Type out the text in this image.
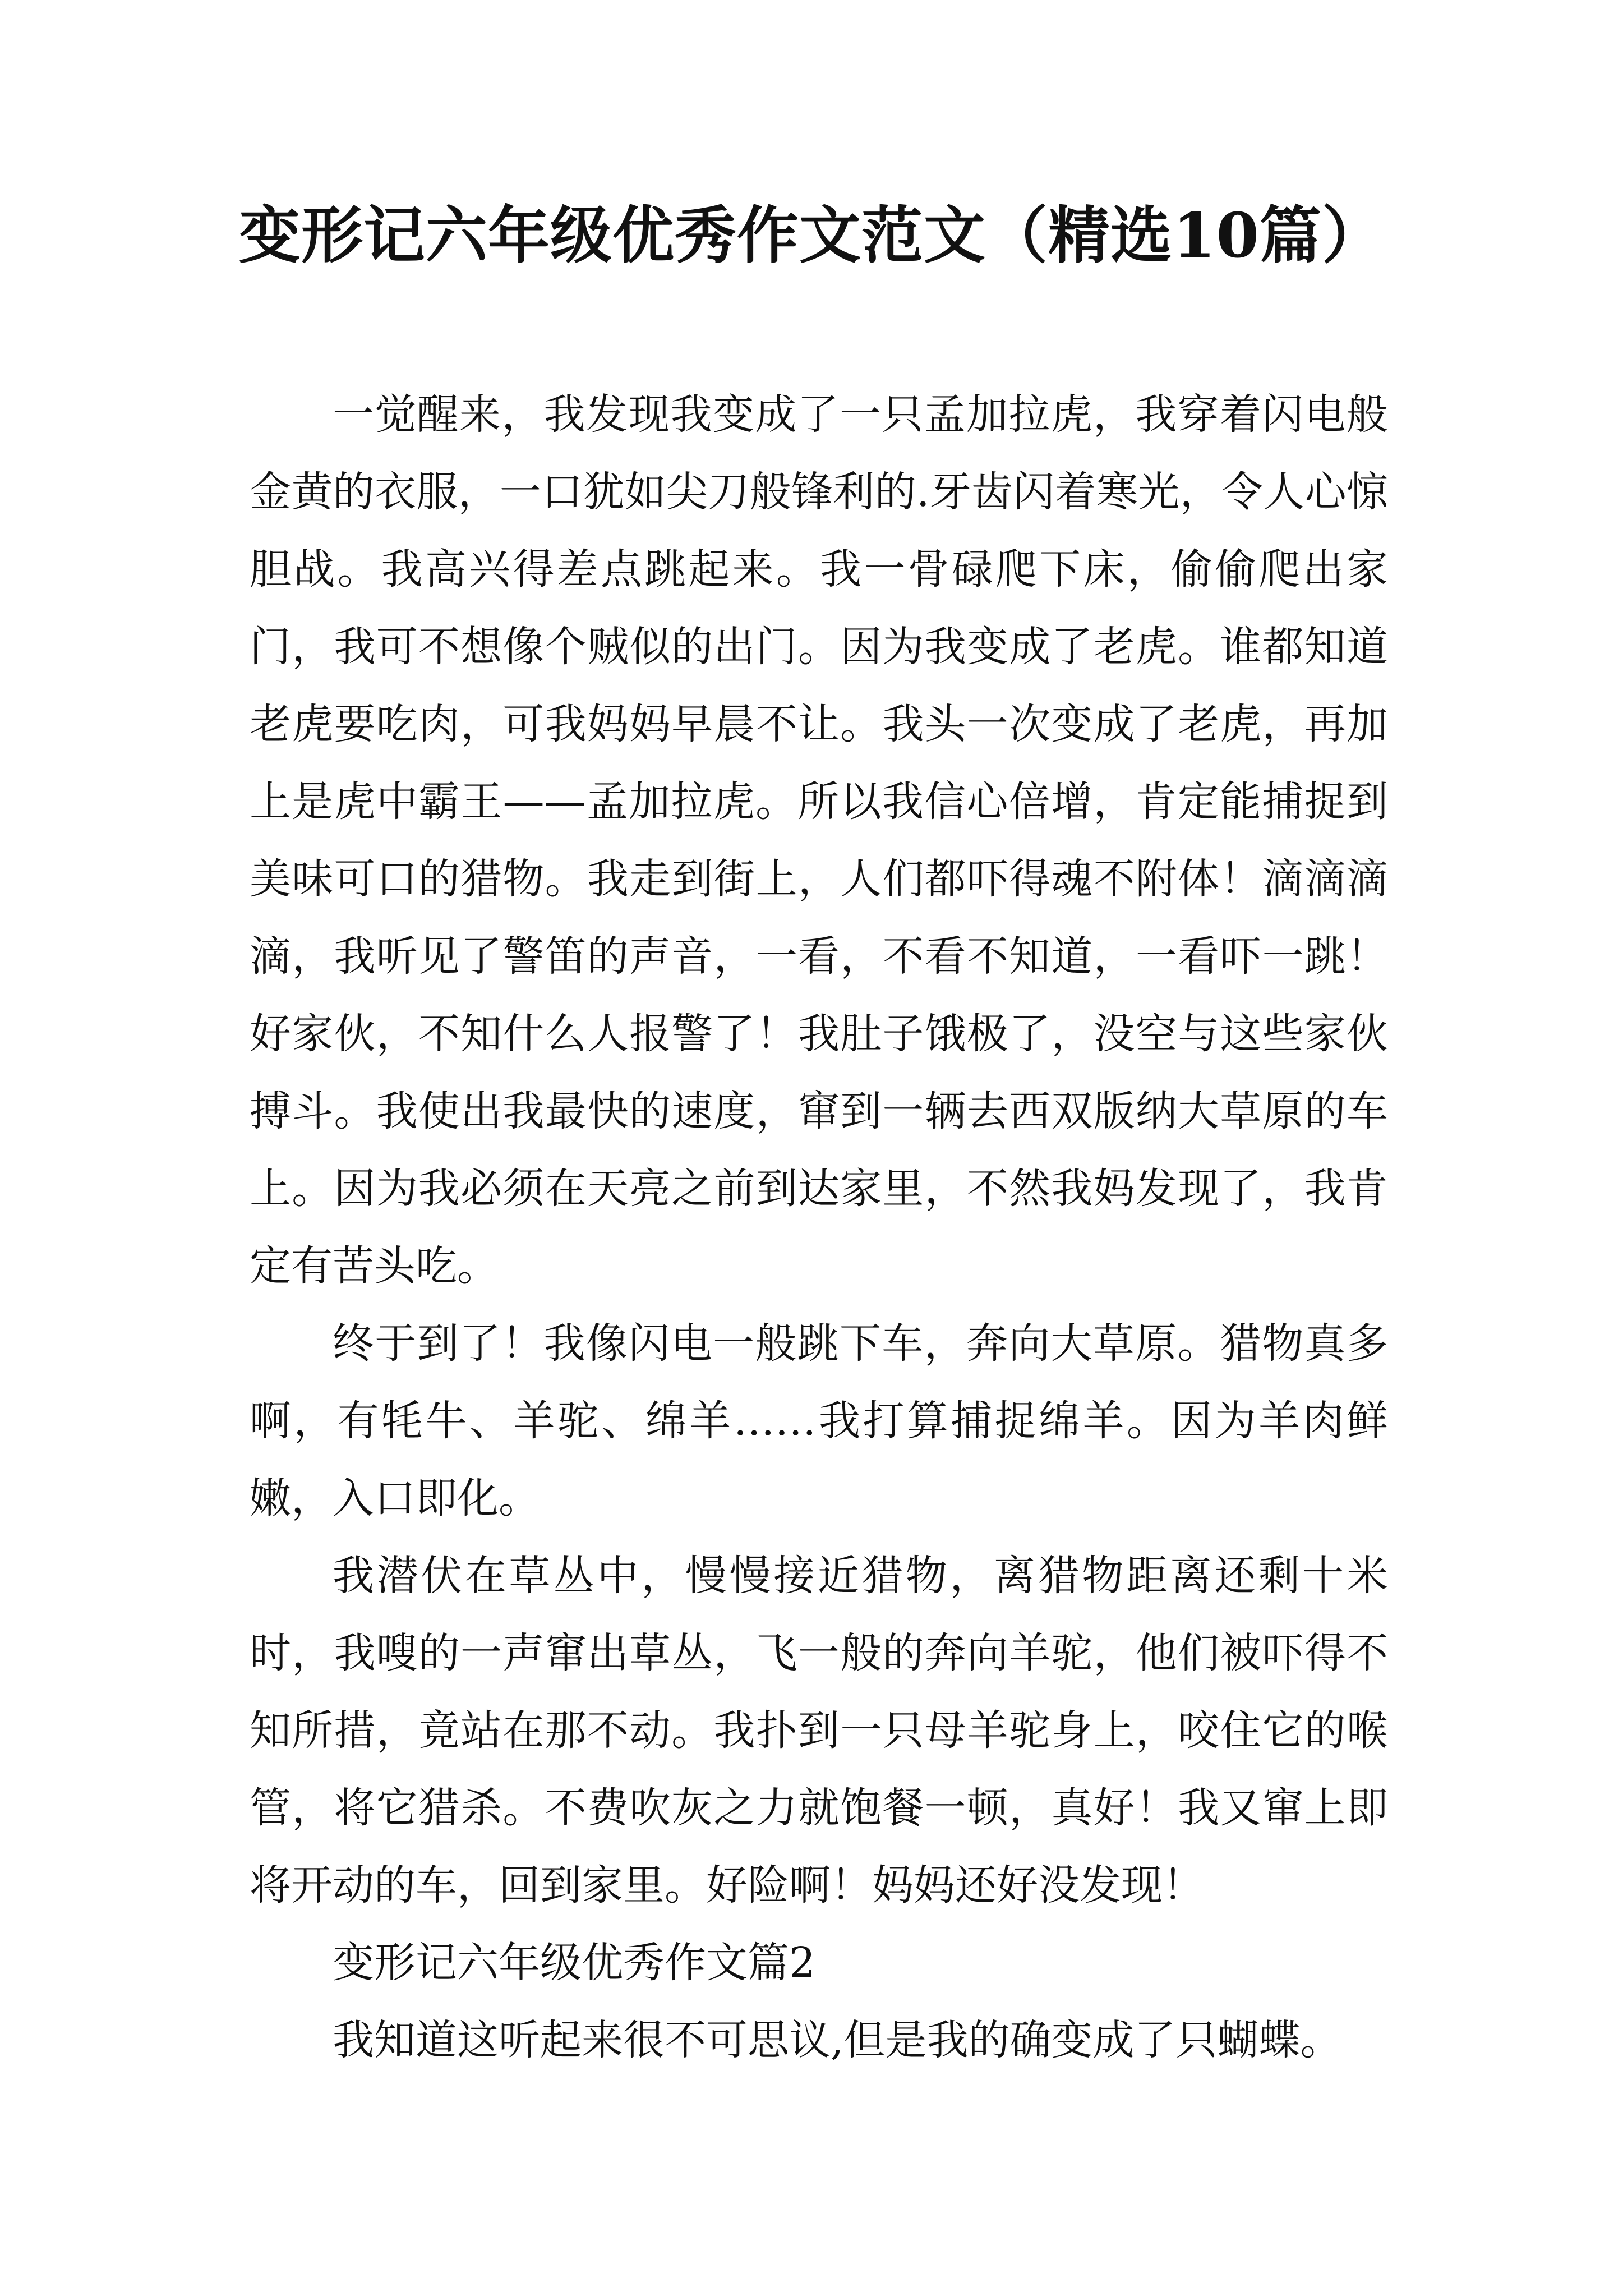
变形记六年级优秀作文范文（精选10篇）

一觉醒来，我发现我变成了一只孟加拉虎，我穿着闪电般金黄的衣服，一口犹如尖刀般锋利的.牙齿闪着寒光，令人心惊胆战。我高兴得差点跳起来。我一骨碌爬下床，偷偷爬出家门，我可不想像个贼似的出门。因为我变成了老虎。谁都知道老虎要吃肉，可我妈妈早晨不让。我头一次变成了老虎，再加上是虎中霸王——孟加拉虎。所以我信心倍增，肯定能捕捉到美味可口的猎物。我走到街上，人们都吓得魂不附体！滴滴滴滴，我听见了警笛的声音，一看，不看不知道，一看吓一跳！好家伙，不知什么人报警了！我肚子饿极了，没空与这些家伙搏斗。我使出我最快的速度，窜到一辆去西双版纳大草原的车上。因为我必须在天亮之前到达家里，不然我妈发现了，我肯定有苦头吃。

终于到了！我像闪电一般跳下车，奔向大草原。猎物真多啊，有牦牛、羊驼、绵羊……我打算捕捉绵羊。因为羊肉鲜嫩，入口即化。

我潜伏在草丛中，慢慢接近猎物，离猎物距离还剩十米时，我嗖的一声窜出草丛，飞一般的奔向羊驼，他们被吓得不知所措，竟站在那不动。我扑到一只母羊驼身上，咬住它的喉管，将它猎杀。不费吹灰之力就饱餐一顿，真好！我又窜上即将开动的车，回到家里。好险啊！妈妈还好没发现！

变形记六年级优秀作文篇2

我知道这听起来很不可思议,但是我的确变成了只蝴蝶。
